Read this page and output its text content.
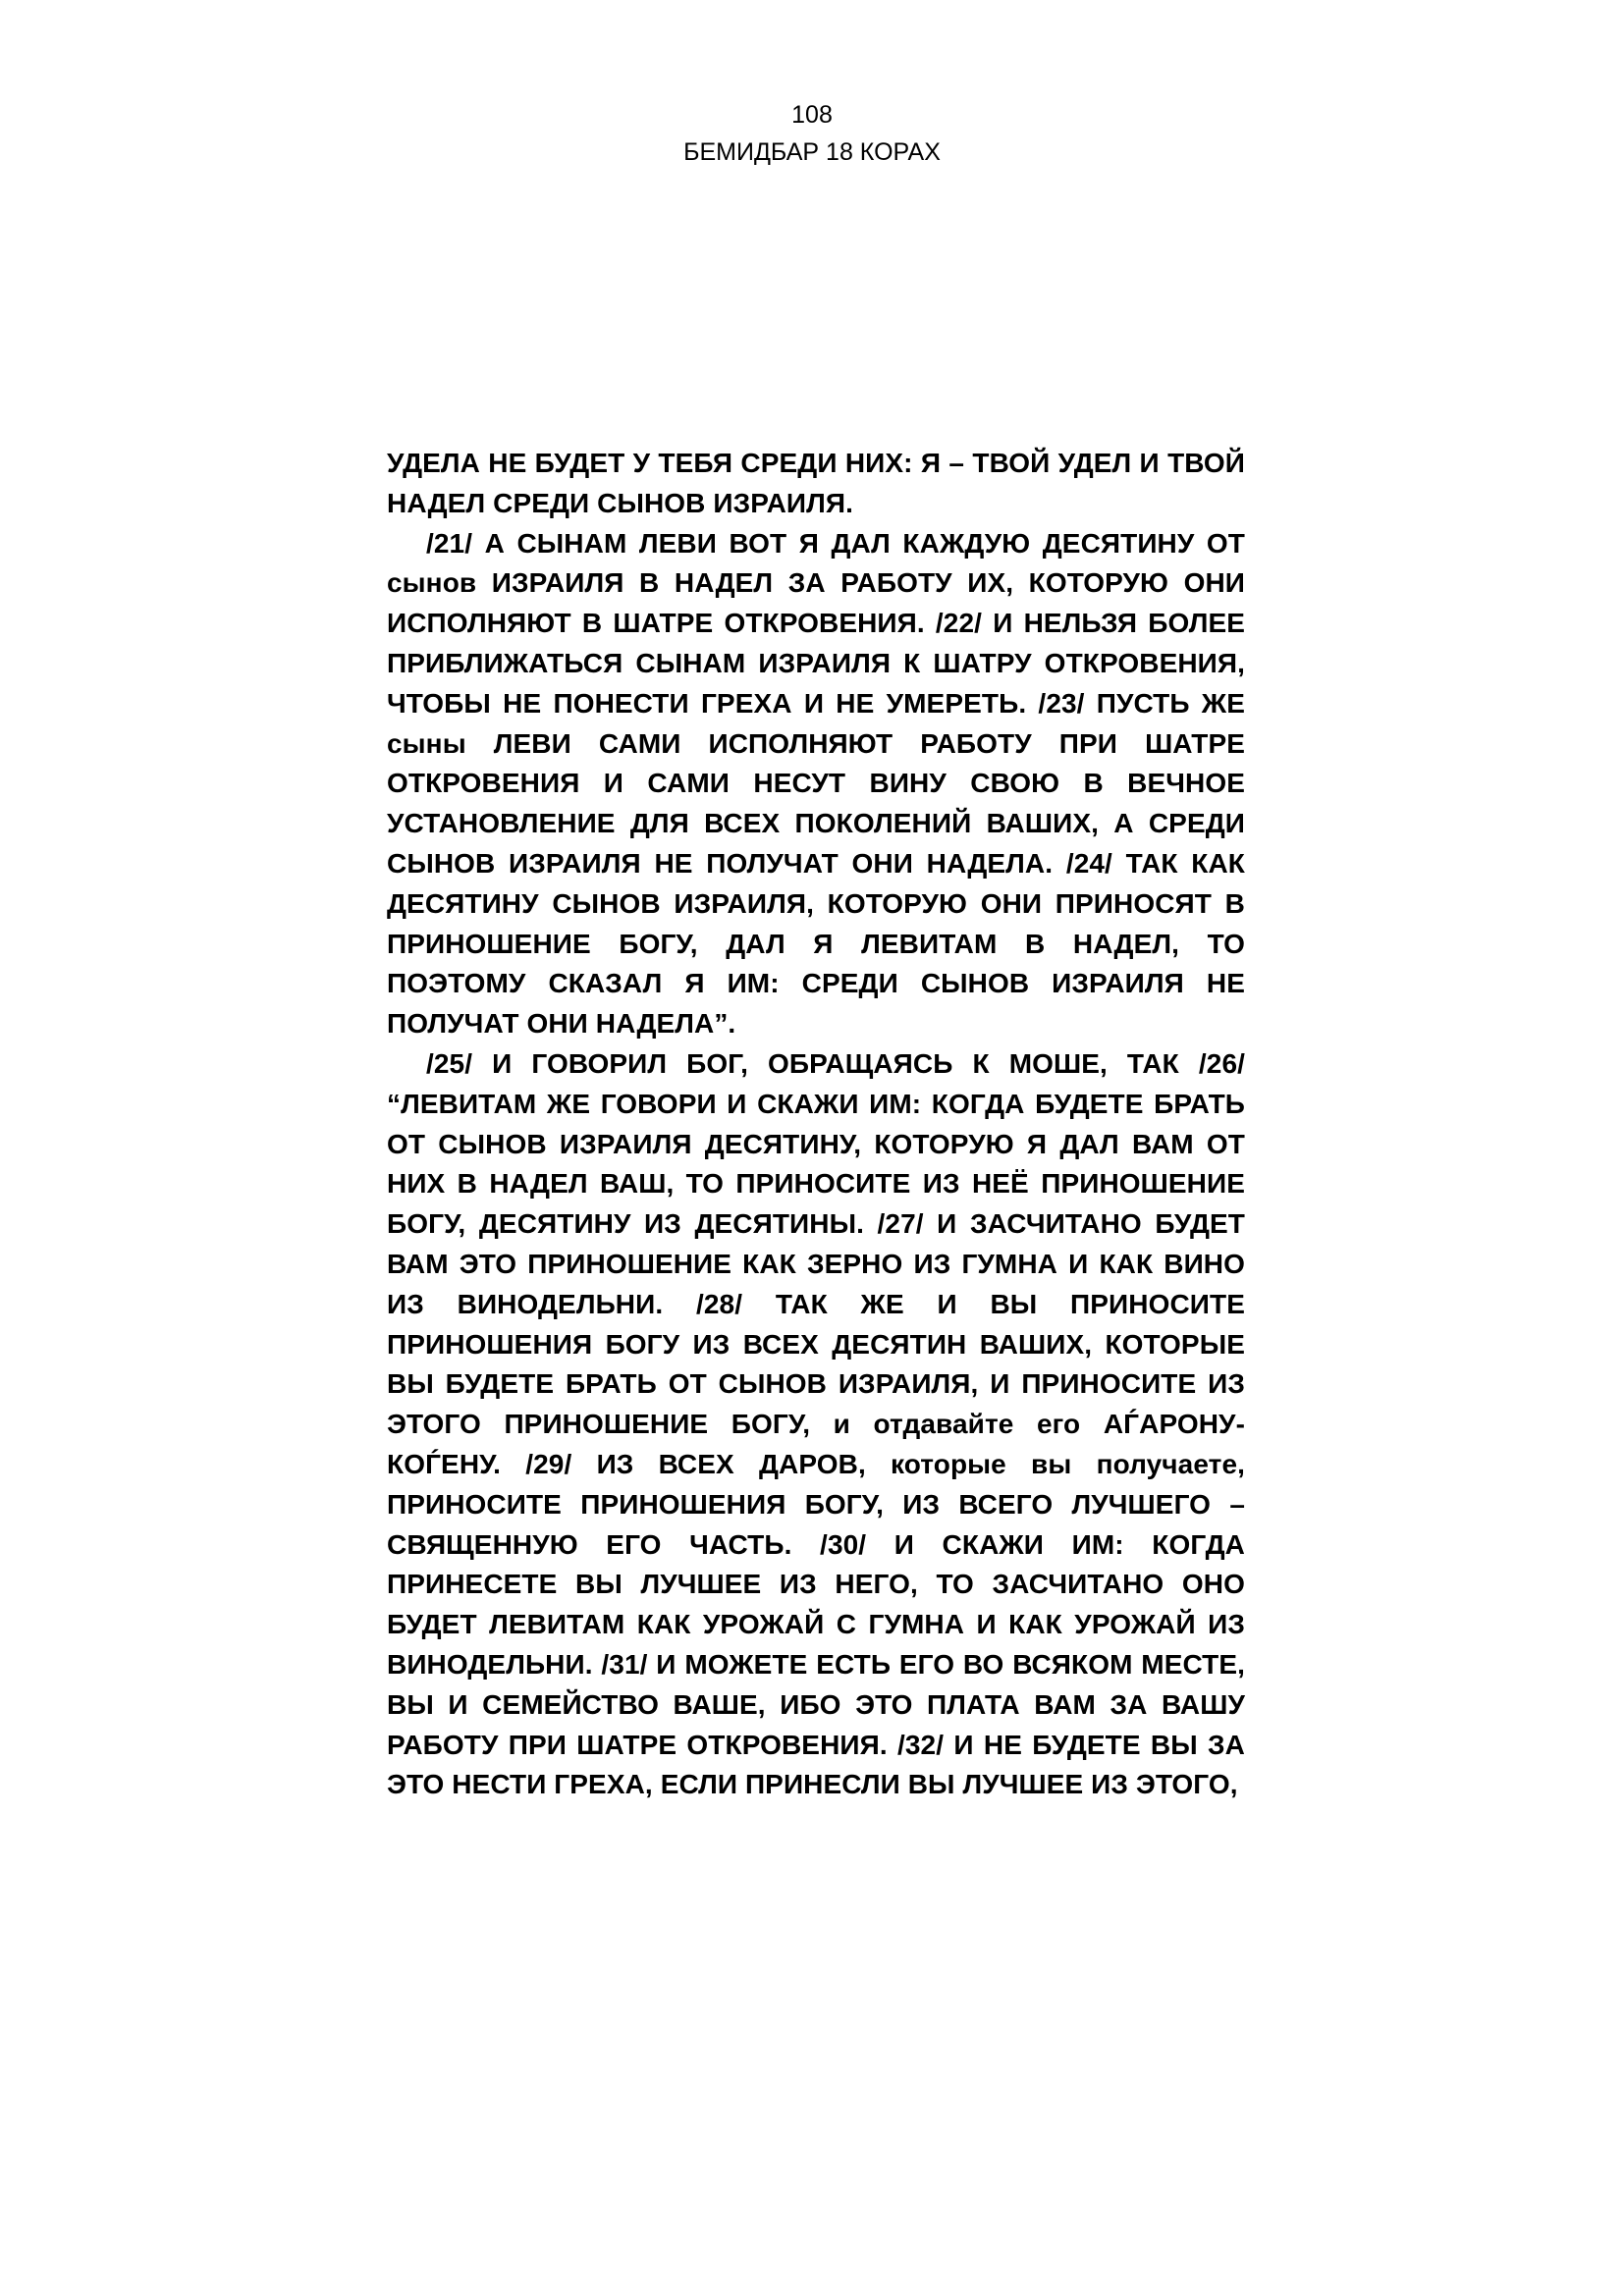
108
БЕМИДБАР 18 КОРАХ

УДЕЛА НЕ БУДЕТ У ТЕБЯ СРЕДИ НИХ: Я – ТВОЙ УДЕЛ И ТВОЙ НАДЕЛ СРЕДИ СЫНОВ ИЗРАИЛЯ.

/21/ А СЫНАМ ЛЕВИ ВОТ Я ДАЛ КАЖДУЮ ДЕСЯТИНУ ОТ сынов ИЗРАИЛЯ В НАДЕЛ ЗА РАБОТУ ИХ, КОТОРУЮ ОНИ ИСПОЛНЯЮТ В ШАТРЕ ОТКРОВЕНИЯ. /22/ И НЕЛЬЗЯ БОЛЕЕ ПРИБЛИЖАТЬСЯ СЫНАМ ИЗРАИЛЯ К ШАТРУ ОТКРОВЕНИЯ, ЧТОБЫ НЕ ПОНЕСТИ ГРЕХА И НЕ УМЕРЕТЬ. /23/ ПУСТЬ ЖЕ сыны ЛЕВИ САМИ ИСПОЛНЯЮТ РАБОТУ ПРИ ШАТРЕ ОТКРОВЕНИЯ И САМИ НЕСУТ ВИНУ СВОЮ В ВЕЧНОЕ УСТАНОВЛЕНИЕ ДЛЯ ВСЕХ ПОКОЛЕНИЙ ВАШИХ, А СРЕДИ СЫНОВ ИЗРАИЛЯ НЕ ПОЛУЧАТ ОНИ НАДЕЛА. /24/ ТАК КАК ДЕСЯТИНУ СЫНОВ ИЗРАИЛЯ, КОТОРУЮ ОНИ ПРИНОСЯТ В ПРИНОШЕНИЕ БОГУ, ДАЛ Я ЛЕВИТАМ В НАДЕЛ, ТО ПОЭТОМУ СКАЗАЛ Я ИМ: СРЕДИ СЫНОВ ИЗРАИЛЯ НЕ ПОЛУЧАТ ОНИ НАДЕЛА”.

/25/ И ГОВОРИЛ БОГ, ОБРАЩАЯСЬ К МОШЕ, ТАК /26/ “ЛЕВИТАМ ЖЕ ГОВОРИ И СКАЖИ ИМ: КОГДА БУДЕТЕ БРАТЬ ОТ СЫНОВ ИЗРАИЛЯ ДЕСЯТИНУ, КОТОРУЮ Я ДАЛ ВАМ ОТ НИХ В НАДЕЛ ВАШ, ТО ПРИНОСИТЕ ИЗ НЕЁ ПРИНОШЕНИЕ БОГУ, ДЕСЯТИНУ ИЗ ДЕСЯТИНЫ. /27/ И ЗАСЧИТАНО БУДЕТ ВАМ ЭТО ПРИНОШЕНИЕ КАК ЗЕРНО ИЗ ГУМНА И КАК ВИНО ИЗ ВИНОДЕЛЬНИ. /28/ ТАК ЖЕ И ВЫ ПРИНОСИТЕ ПРИНОШЕНИЯ БОГУ ИЗ ВСЕХ ДЕСЯТИН ВАШИХ, КОТОРЫЕ ВЫ БУДЕТЕ БРАТЬ ОТ СЫНОВ ИЗРАИЛЯ, И ПРИНОСИТЕ ИЗ ЭТОГО ПРИНОШЕНИЕ БОГУ, и отдавайте его АЃАРОНУ-КОЃЕНУ. /29/ ИЗ ВСЕХ ДАРОВ, которые вы получаете, ПРИНОСИТЕ ПРИНОШЕНИЯ БОГУ, ИЗ ВСЕГО ЛУЧШЕГО – СВЯЩЕННУЮ ЕГО ЧАСТЬ. /30/ И СКАЖИ ИМ: КОГДА ПРИНЕСЕТЕ ВЫ ЛУЧШЕЕ ИЗ НЕГО, ТО ЗАСЧИТАНО ОНО БУДЕТ ЛЕВИТАМ КАК УРОЖАЙ С ГУМНА И КАК УРОЖАЙ ИЗ ВИНОДЕЛЬНИ. /31/ И МОЖЕТЕ ЕСТЬ ЕГО ВО ВСЯКОМ МЕСТЕ, ВЫ И СЕМЕЙСТВО ВАШЕ, ИБО ЭТО ПЛАТА ВАМ ЗА ВАШУ РАБОТУ ПРИ ШАТРЕ ОТКРОВЕНИЯ. /32/ И НЕ БУДЕТЕ ВЫ ЗА ЭТО НЕСТИ ГРЕХА, ЕСЛИ ПРИНЕСЛИ ВЫ ЛУЧШЕЕ ИЗ ЭТОГО,
